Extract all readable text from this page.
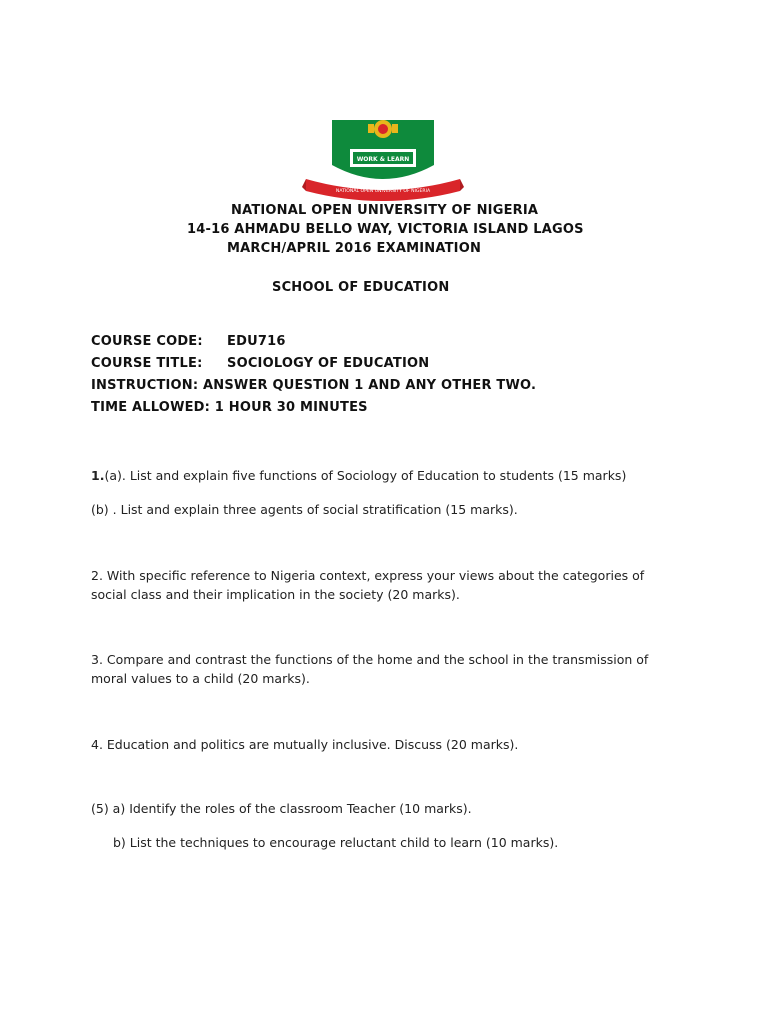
WORK & LEARN
NATIONAL OPEN UNIVERSITY OF NIGERIA
NATIONAL OPEN UNIVERSITY OF NIGERIA
14-16 AHMADU BELLO WAY, VICTORIA ISLAND LAGOS
MARCH/APRIL 2016 EXAMINATION
SCHOOL OF EDUCATION
COURSE CODE: EDU716
COURSE TITLE: SOCIOLOGY OF EDUCATION
INSTRUCTION: ANSWER QUESTION 1 AND ANY OTHER TWO.
TIME ALLOWED: 1 HOUR 30 MINUTES
1.(a). List and explain five functions of Sociology of Education to students (15 marks)
(b) . List and explain three agents of social stratification (15 marks).
2. With specific reference to Nigeria context, express your views about the categories of social class and their implication in the society (20 marks).
3. Compare and contrast the functions of the home and the school in the transmission of moral values to a child (20 marks).
4. Education and politics are mutually inclusive. Discuss (20 marks).
(5) a) Identify the roles of the classroom Teacher (10 marks).
b) List the techniques to encourage reluctant child to learn (10 marks).
